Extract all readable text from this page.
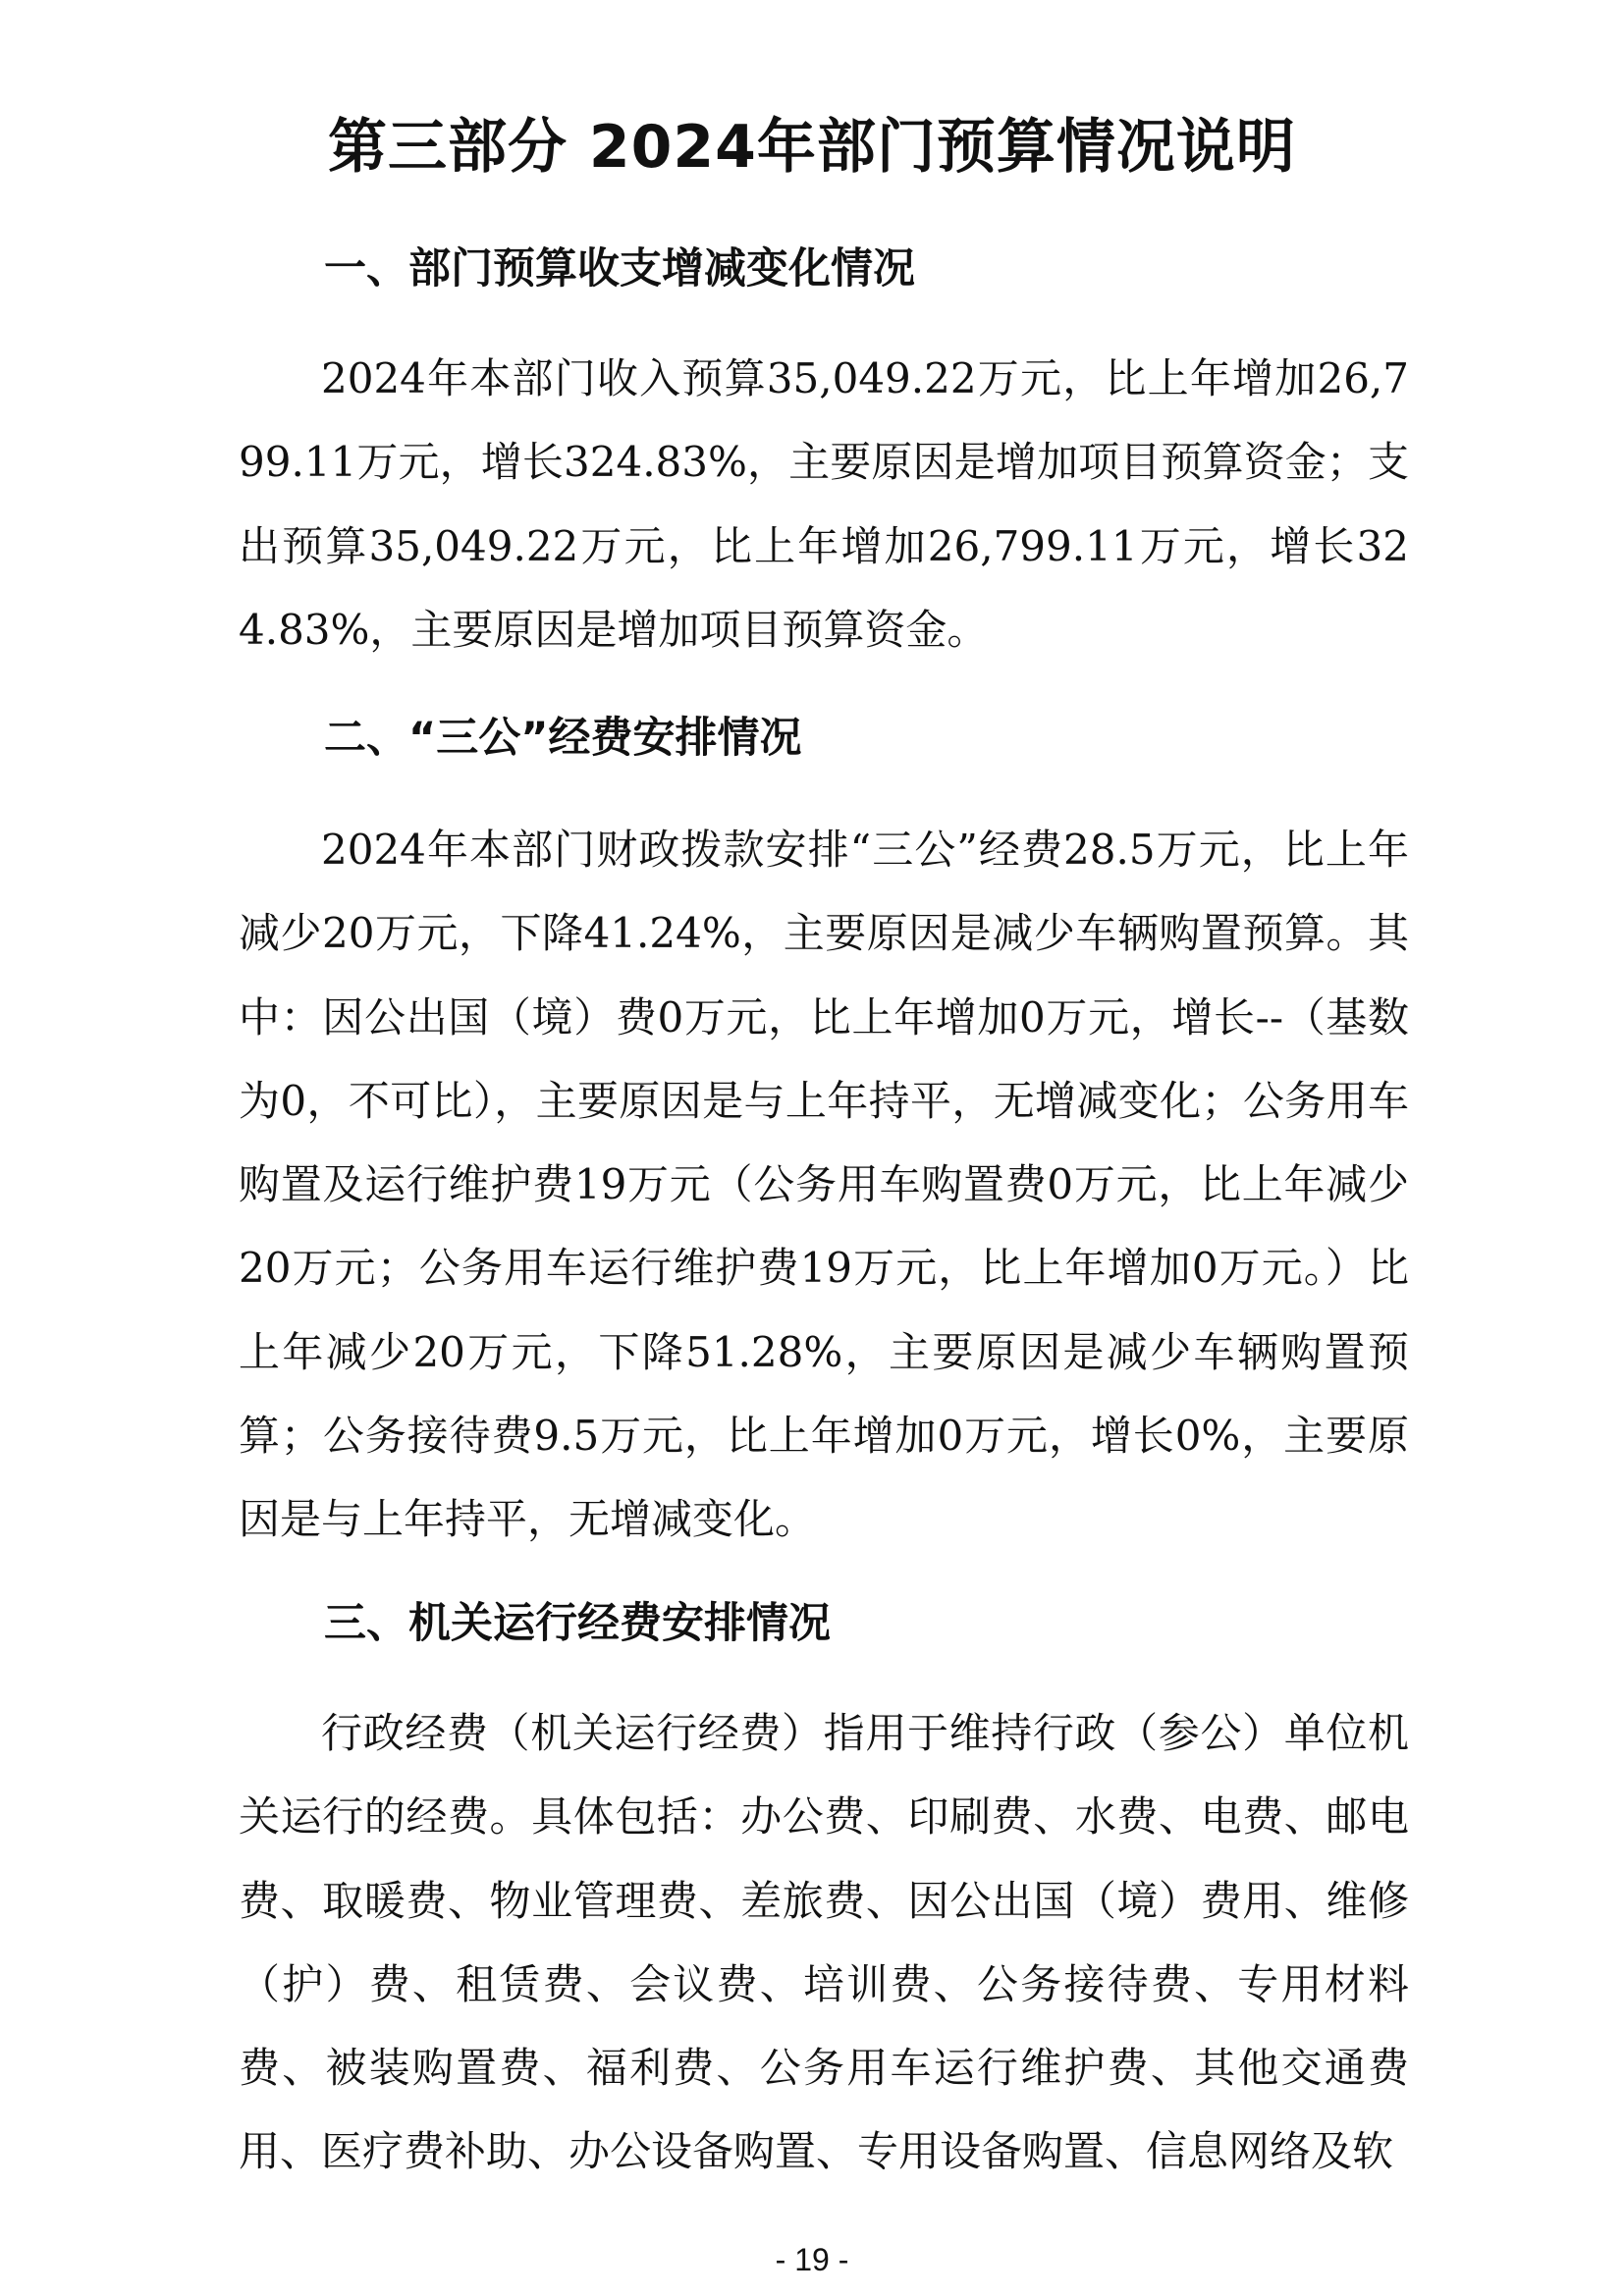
第三部分 2024年部门预算情况说明
一、部门预算收支增减变化情况

2024年本部门收入预算35,049.22万元，比上年增加26,799.11万元，增长324.83%，主要原因是增加项目预算资金；支出预算35,049.22万元，比上年增加26,799.11万元，增长324.83%，主要原因是增加项目预算资金。

二、“三公”经费安排情况

2024年本部门财政拨款安排“三公”经费28.5万元，比上年减少20万元，下降41.24%，主要原因是减少车辆购置预算。其中：因公出国（境）费0万元，比上年增加0万元，增长--（基数为0，不可比），主要原因是与上年持平，无增减变化；公务用车购置及运行维护费19万元（公务用车购置费0万元，比上年减少20万元；公务用车运行维护费19万元，比上年增加0万元。）比上年减少20万元，下降51.28%，主要原因是减少车辆购置预算；公务接待费9.5万元，比上年增加0万元，增长0%，主要原因是与上年持平，无增减变化。

三、机关运行经费安排情况

行政经费（机关运行经费）指用于维持行政（参公）单位机关运行的经费。具体包括：办公费、印刷费、水费、电费、邮电费、取暖费、物业管理费、差旅费、因公出国（境）费用、维修（护）费、租赁费、会议费、培训费、公务接待费、专用材料费、被装购置费、福利费、公务用车运行维护费、其他交通费用、医疗费补助、办公设备购置、专用设备购置、信息网络及软

- 19 -
